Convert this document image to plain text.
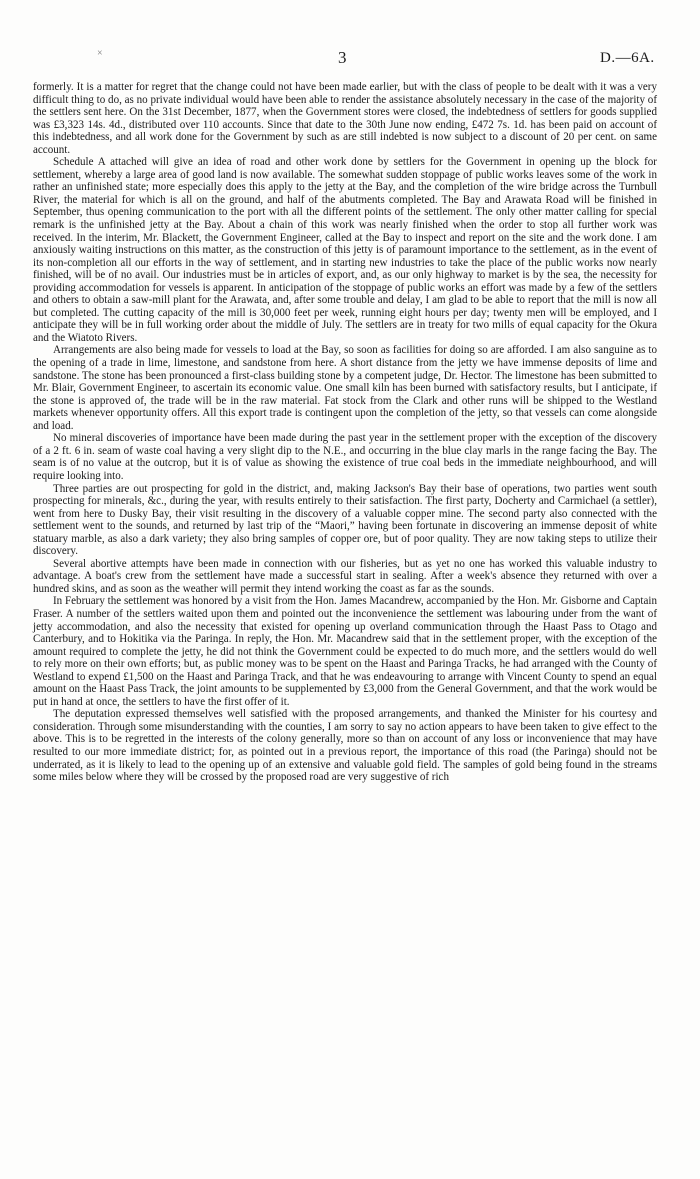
×	3	D.—6A.

formerly. It is a matter for regret that the change could not have been made earlier, but with the class of people to be dealt with it was a very difficult thing to do, as no private individual would have been able to render the assistance absolutely necessary in the case of the majority of the settlers sent here. On the 31st December, 1877, when the Government stores were closed, the indebtedness of settlers for goods supplied was £3,323 14s. 4d., distributed over 110 accounts. Since that date to the 30th June now ending, £472 7s. 1d. has been paid on account of this indebtedness, and all work done for the Government by such as are still indebted is now subject to a discount of 20 per cent. on same account.

Schedule A attached will give an idea of road and other work done by settlers for the Government in opening up the block for settlement, whereby a large area of good land is now available. The somewhat sudden stoppage of public works leaves some of the work in rather an unfinished state; more especially does this apply to the jetty at the Bay, and the completion of the wire bridge across the Turnbull River, the material for which is all on the ground, and half of the abutments completed. The Bay and Arawata Road will be finished in September, thus opening communication to the port with all the different points of the settlement. The only other matter calling for special remark is the unfinished jetty at the Bay. About a chain of this work was nearly finished when the order to stop all further work was received. In the interim, Mr. Blackett, the Government Engineer, called at the Bay to inspect and report on the site and the work done. I am anxiously waiting instructions on this matter, as the construction of this jetty is of paramount importance to the settlement, as in the event of its non-completion all our efforts in the way of settlement, and in starting new industries to take the place of the public works now nearly finished, will be of no avail. Our industries must be in articles of export, and, as our only highway to market is by the sea, the necessity for providing accommodation for vessels is apparent. In anticipation of the stoppage of public works an effort was made by a few of the settlers and others to obtain a saw-mill plant for the Arawata, and, after some trouble and delay, I am glad to be able to report that the mill is now all but completed. The cutting capacity of the mill is 30,000 feet per week, running eight hours per day; twenty men will be employed, and I anticipate they will be in full working order about the middle of July. The settlers are in treaty for two mills of equal capacity for the Okura and the Wiatoto Rivers.

Arrangements are also being made for vessels to load at the Bay, so soon as facilities for doing so are afforded. I am also sanguine as to the opening of a trade in lime, limestone, and sandstone from here. A short distance from the jetty we have immense deposits of lime and sandstone. The stone has been pronounced a first-class building stone by a competent judge, Dr. Hector. The limestone has been submitted to Mr. Blair, Government Engineer, to ascertain its economic value. One small kiln has been burned with satisfactory results, but I anticipate, if the stone is approved of, the trade will be in the raw material. Fat stock from the Clark and other runs will be shipped to the Westland markets whenever opportunity offers. All this export trade is contingent upon the completion of the jetty, so that vessels can come alongside and load.

No mineral discoveries of importance have been made during the past year in the settlement proper with the exception of the discovery of a 2 ft. 6 in. seam of waste coal having a very slight dip to the N.E., and occurring in the blue clay marls in the range facing the Bay. The seam is of no value at the outcrop, but it is of value as showing the existence of true coal beds in the immediate neighbourhood, and will require looking into.

Three parties are out prospecting for gold in the district, and, making Jackson's Bay their base of operations, two parties went south prospecting for minerals, &c., during the year, with results entirely to their satisfaction. The first party, Docherty and Carmichael (a settler), went from here to Dusky Bay, their visit resulting in the discovery of a valuable copper mine. The second party also connected with the settlement went to the sounds, and returned by last trip of the “Maori,” having been fortunate in discovering an immense deposit of white statuary marble, as also a dark variety; they also bring samples of copper ore, but of poor quality. They are now taking steps to utilize their discovery.

Several abortive attempts have been made in connection with our fisheries, but as yet no one has worked this valuable industry to advantage. A boat's crew from the settlement have made a successful start in sealing. After a week's absence they returned with over a hundred skins, and as soon as the weather will permit they intend working the coast as far as the sounds.

In February the settlement was honored by a visit from the Hon. James Macandrew, accompanied by the Hon. Mr. Gisborne and Captain Fraser. A number of the settlers waited upon them and pointed out the inconvenience the settlement was labouring under from the want of jetty accommodation, and also the necessity that existed for opening up overland communication through the Haast Pass to Otago and Canterbury, and to Hokitika via the Paringa. In reply, the Hon. Mr. Macandrew said that in the settlement proper, with the exception of the amount required to complete the jetty, he did not think the Government could be expected to do much more, and the settlers would do well to rely more on their own efforts; but, as public money was to be spent on the Haast and Paringa Tracks, he had arranged with the County of Westland to expend £1,500 on the Haast and Paringa Track, and that he was endeavouring to arrange with Vincent County to spend an equal amount on the Haast Pass Track, the joint amounts to be supplemented by £3,000 from the General Government, and that the work would be put in hand at once, the settlers to have the first offer of it.

The deputation expressed themselves well satisfied with the proposed arrangements, and thanked the Minister for his courtesy and consideration. Through some misunderstanding with the counties, I am sorry to say no action appears to have been taken to give effect to the above. This is to be regretted in the interests of the colony generally, more so than on account of any loss or inconvenience that may have resulted to our more immediate district; for, as pointed out in a previous report, the importance of this road (the Paringa) should not be underrated, as it is likely to lead to the opening up of an extensive and valuable gold field. The samples of gold being found in the streams some miles below where they will be crossed by the proposed road are very suggestive of rich
